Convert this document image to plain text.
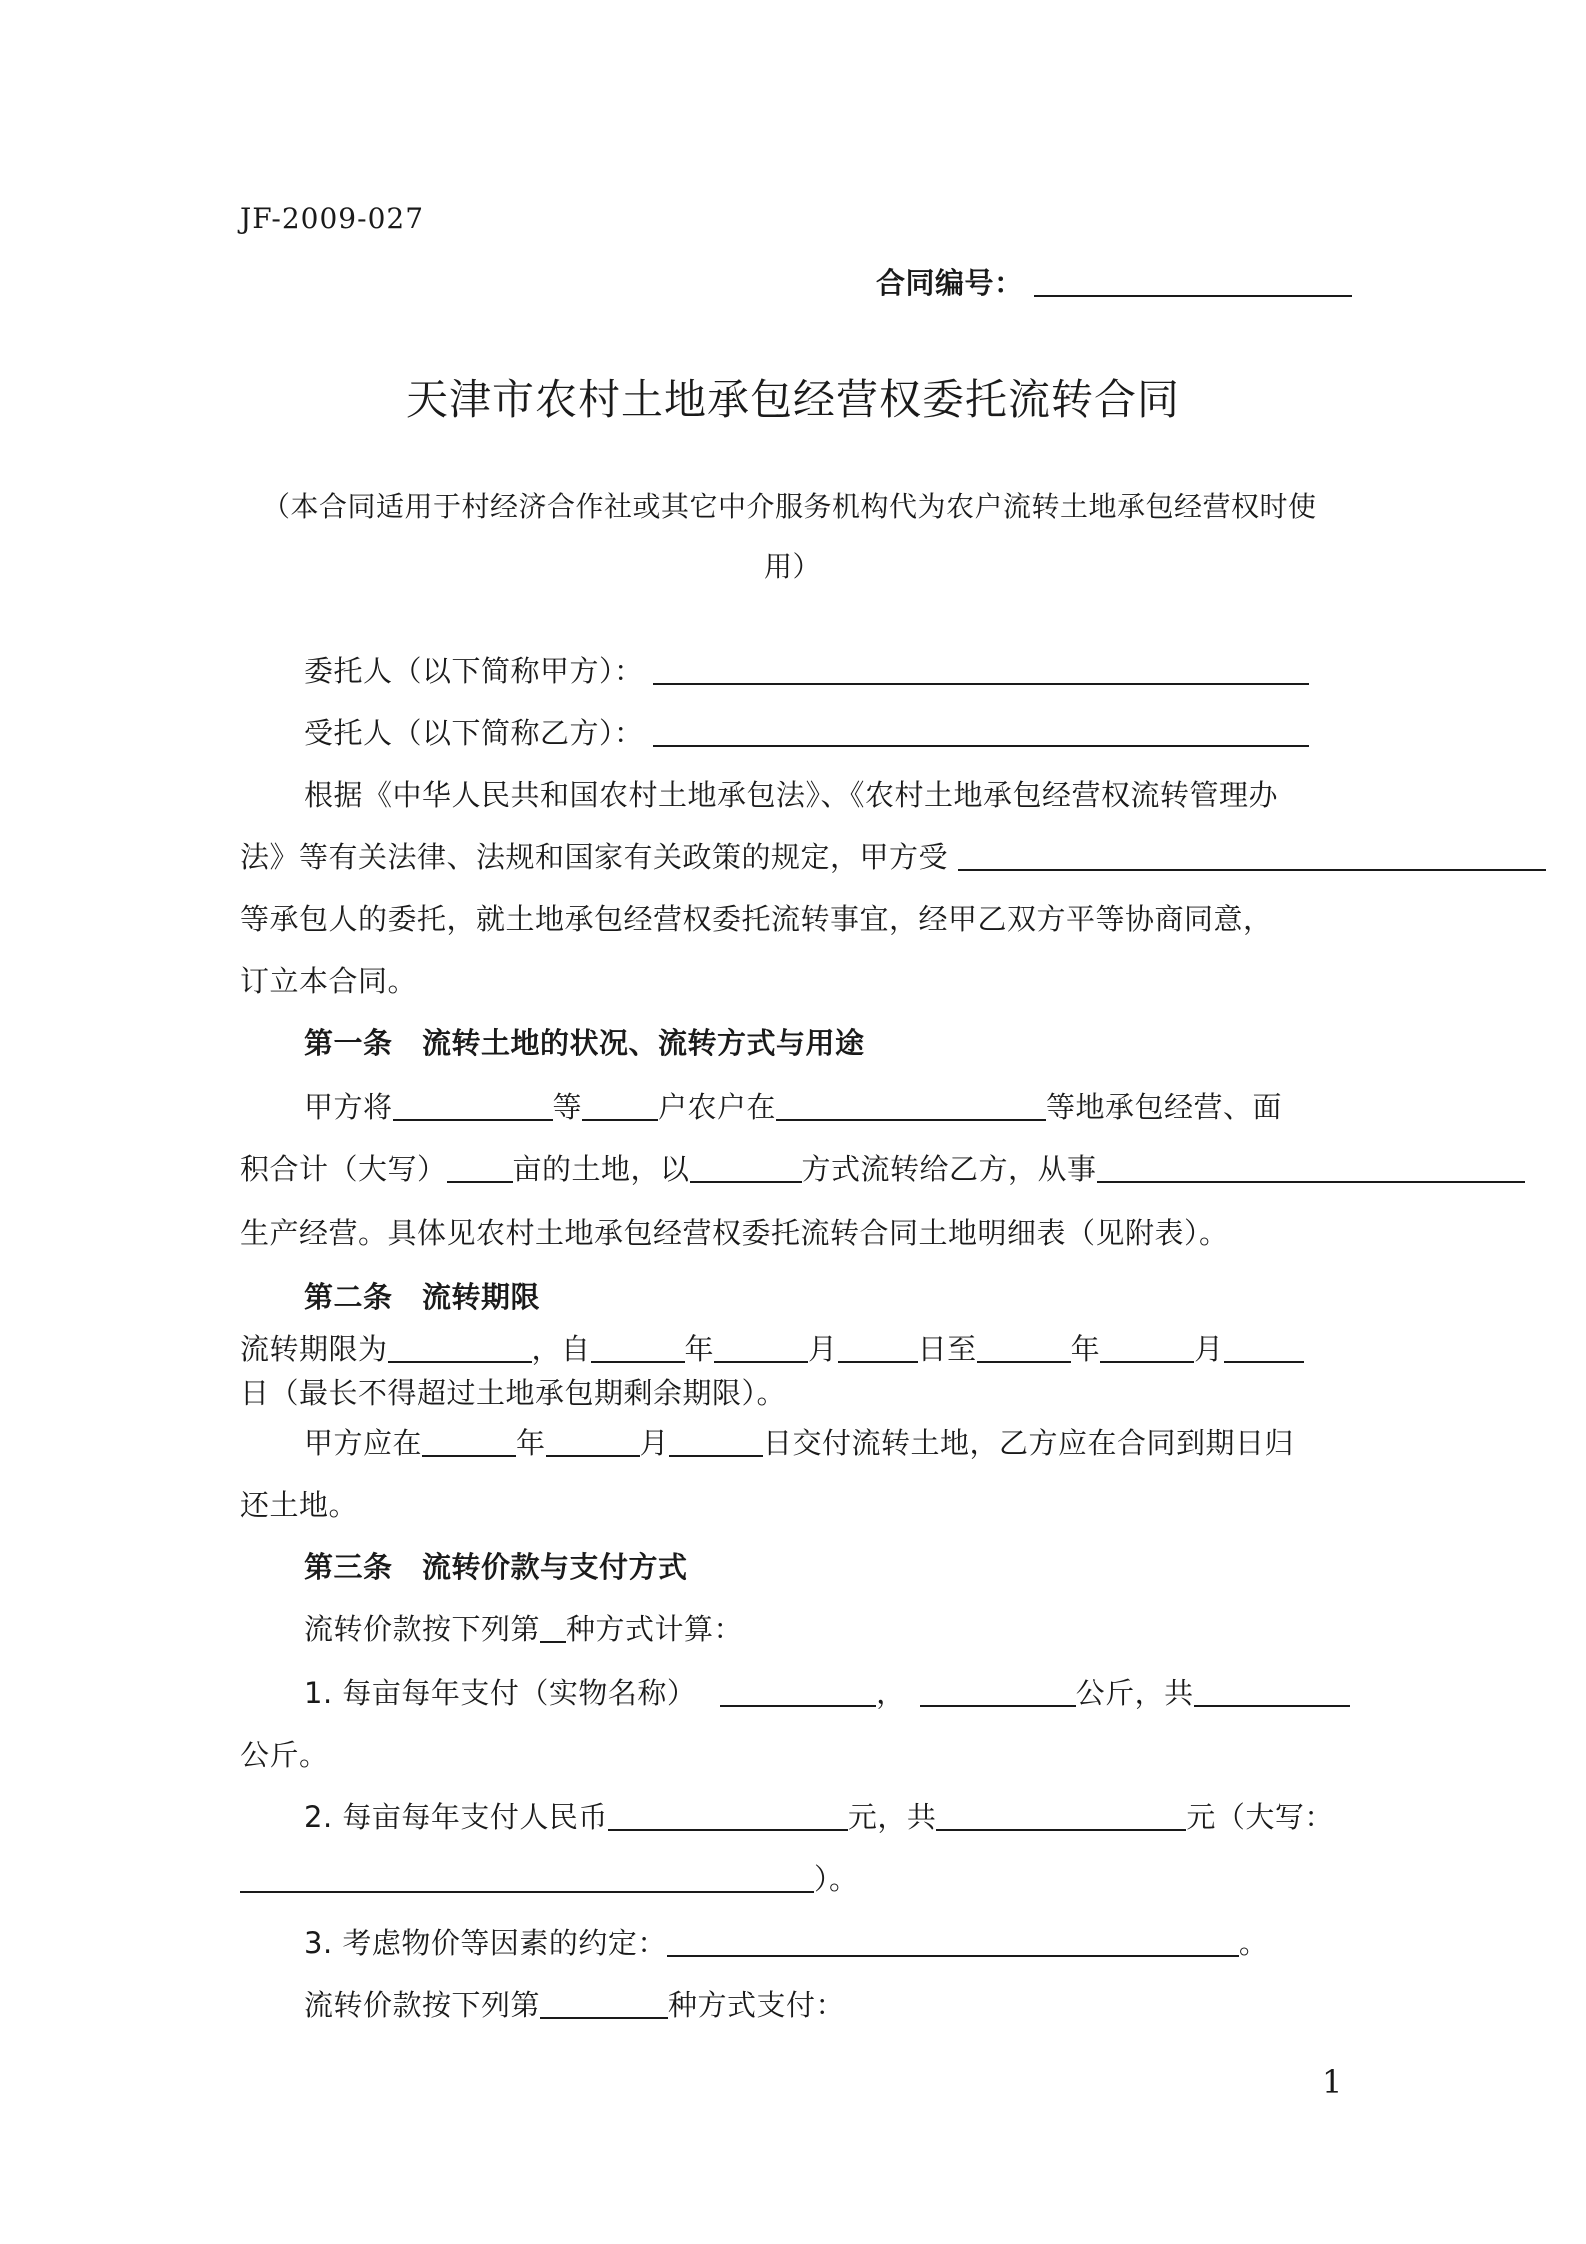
JF-2009-027
合同编号：
天津市农村土地承包经营权委托流转合同
（本合同适用于村经济合作社或其它中介服务机构代为农户流转土地承包经营权时使
用）
委托人（以下简称甲方）：
受托人（以下简称乙方）：
根据《中华人民共和国农村土地承包法》、《农村土地承包经营权流转管理办
法》等有关法律、法规和国家有关政策的规定，甲方受
等承包人的委托，就土地承包经营权委托流转事宜，经甲乙双方平等协商同意，
订立本合同。
第一条　流转土地的状况、流转方式与用途
甲方将	等	户农户在	等地承包经营、面
积合计（大写） 亩的土地，以	方式流转给乙方，从事
生产经营。具体见农村土地承包经营权委托流转合同土地明细表（见附表）。
第二条　流转期限
流转期限为	，自	年	月	日至	年	月
日（最长不得超过土地承包期剩余期限）。
甲方应在	年	月	日交付流转土地，乙方应在合同到期日归
还土地。
第三条　流转价款与支付方式
流转价款按下列第 种方式计算：
1. 每亩每年支付（实物名称）	，	公斤，共
公斤。
2. 每亩每年支付人民币	元，共	元（大写：
）。
3. 考虑物价等因素的约定：	。
流转价款按下列第	种方式支付：
1
